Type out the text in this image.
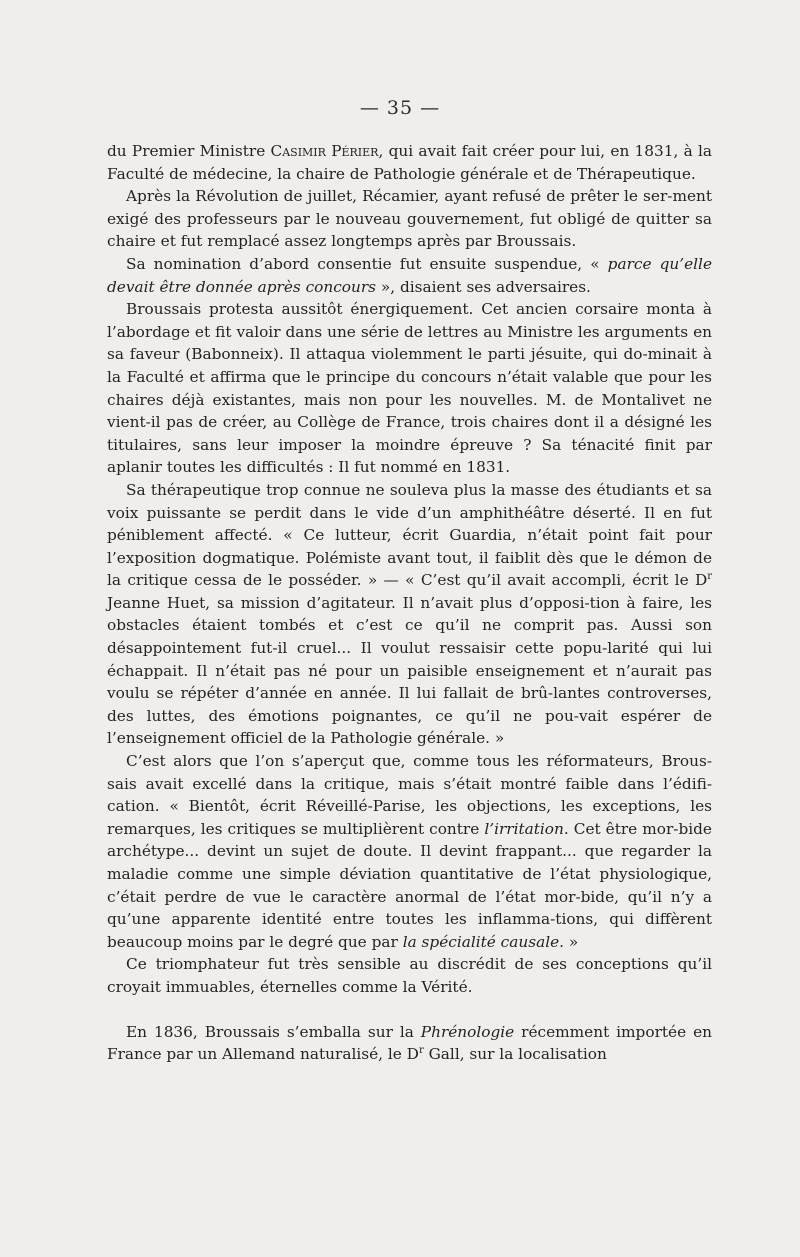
— 35 —

du Premier Ministre Casimir Périer, qui avait fait créer pour lui, en 1831, à la Faculté de médecine, la chaire de Pathologie générale et de Thérapeutique.

Après la Révolution de juillet, Récamier, ayant refusé de prêter le ser-ment exigé des professeurs par le nouveau gouvernement, fut obligé de quitter sa chaire et fut remplacé assez longtemps après par Broussais.

Sa nomination d’abord consentie fut ensuite suspendue, « parce qu’elle devait être donnée après concours », disaient ses adversaires.

Broussais protesta aussitôt énergiquement. Cet ancien corsaire monta à l’abordage et fit valoir dans une série de lettres au Ministre les arguments en sa faveur (Babonneix). Il attaqua violemment le parti jésuite, qui do-minait à la Faculté et affirma que le principe du concours n’était valable que pour les chaires déjà existantes, mais non pour les nouvelles. M. de Montalivet ne vient-il pas de créer, au Collège de France, trois chaires dont il a désigné les titulaires, sans leur imposer la moindre épreuve ? Sa ténacité finit par aplanir toutes les difficultés : Il fut nommé en 1831.

Sa thérapeutique trop connue ne souleva plus la masse des étudiants et sa voix puissante se perdit dans le vide d’un amphithéâtre déserté. Il en fut péniblement affecté. « Ce lutteur, écrit Guardia, n’était point fait pour l’exposition dogmatique. Polémiste avant tout, il faiblit dès que le démon de la critique cessa de le posséder. » — « C’est qu’il avait accompli, écrit le $D^r$ Jeanne Huet, sa mission d’agitateur. Il n’avait plus d’opposi-tion à faire, les obstacles étaient tombés et c’est ce qu’il ne comprit pas. Aussi son désappointement fut-il cruel... Il voulut ressaisir cette popu-larité qui lui échappait. Il n’était pas né pour un paisible enseignement et n’aurait pas voulu se répéter d’année en année. Il lui fallait de brû-lantes controverses, des luttes, des émotions poignantes, ce qu’il ne pou-vait espérer de l’enseignement officiel de la Pathologie générale. »

C’est alors que l’on s’aperçut que, comme tous les réformateurs, Brous-sais avait excellé dans la critique, mais s’était montré faible dans l’édifi-cation. « Bientôt, écrit Réveillé-Parise, les objections, les exceptions, les remarques, les critiques se multiplièrent contre l’irritation. Cet être mor-bide archétype... devint un sujet de doute. Il devint frappant... que regarder la maladie comme une simple déviation quantitative de l’état physiologique, c’était perdre de vue le caractère anormal de l’état mor-bide, qu’il n’y a qu’une apparente identité entre toutes les inflamma-tions, qui diffèrent beaucoup moins par le degré que par la spécialité causale. »

Ce triomphateur fut très sensible au discrédit de ses conceptions qu’il croyait immuables, éternelles comme la Vérité.

En 1836, Broussais s’emballa sur la Phrénologie récemment importée en France par un Allemand naturalisé, le $D^r$ Gall, sur la localisation
